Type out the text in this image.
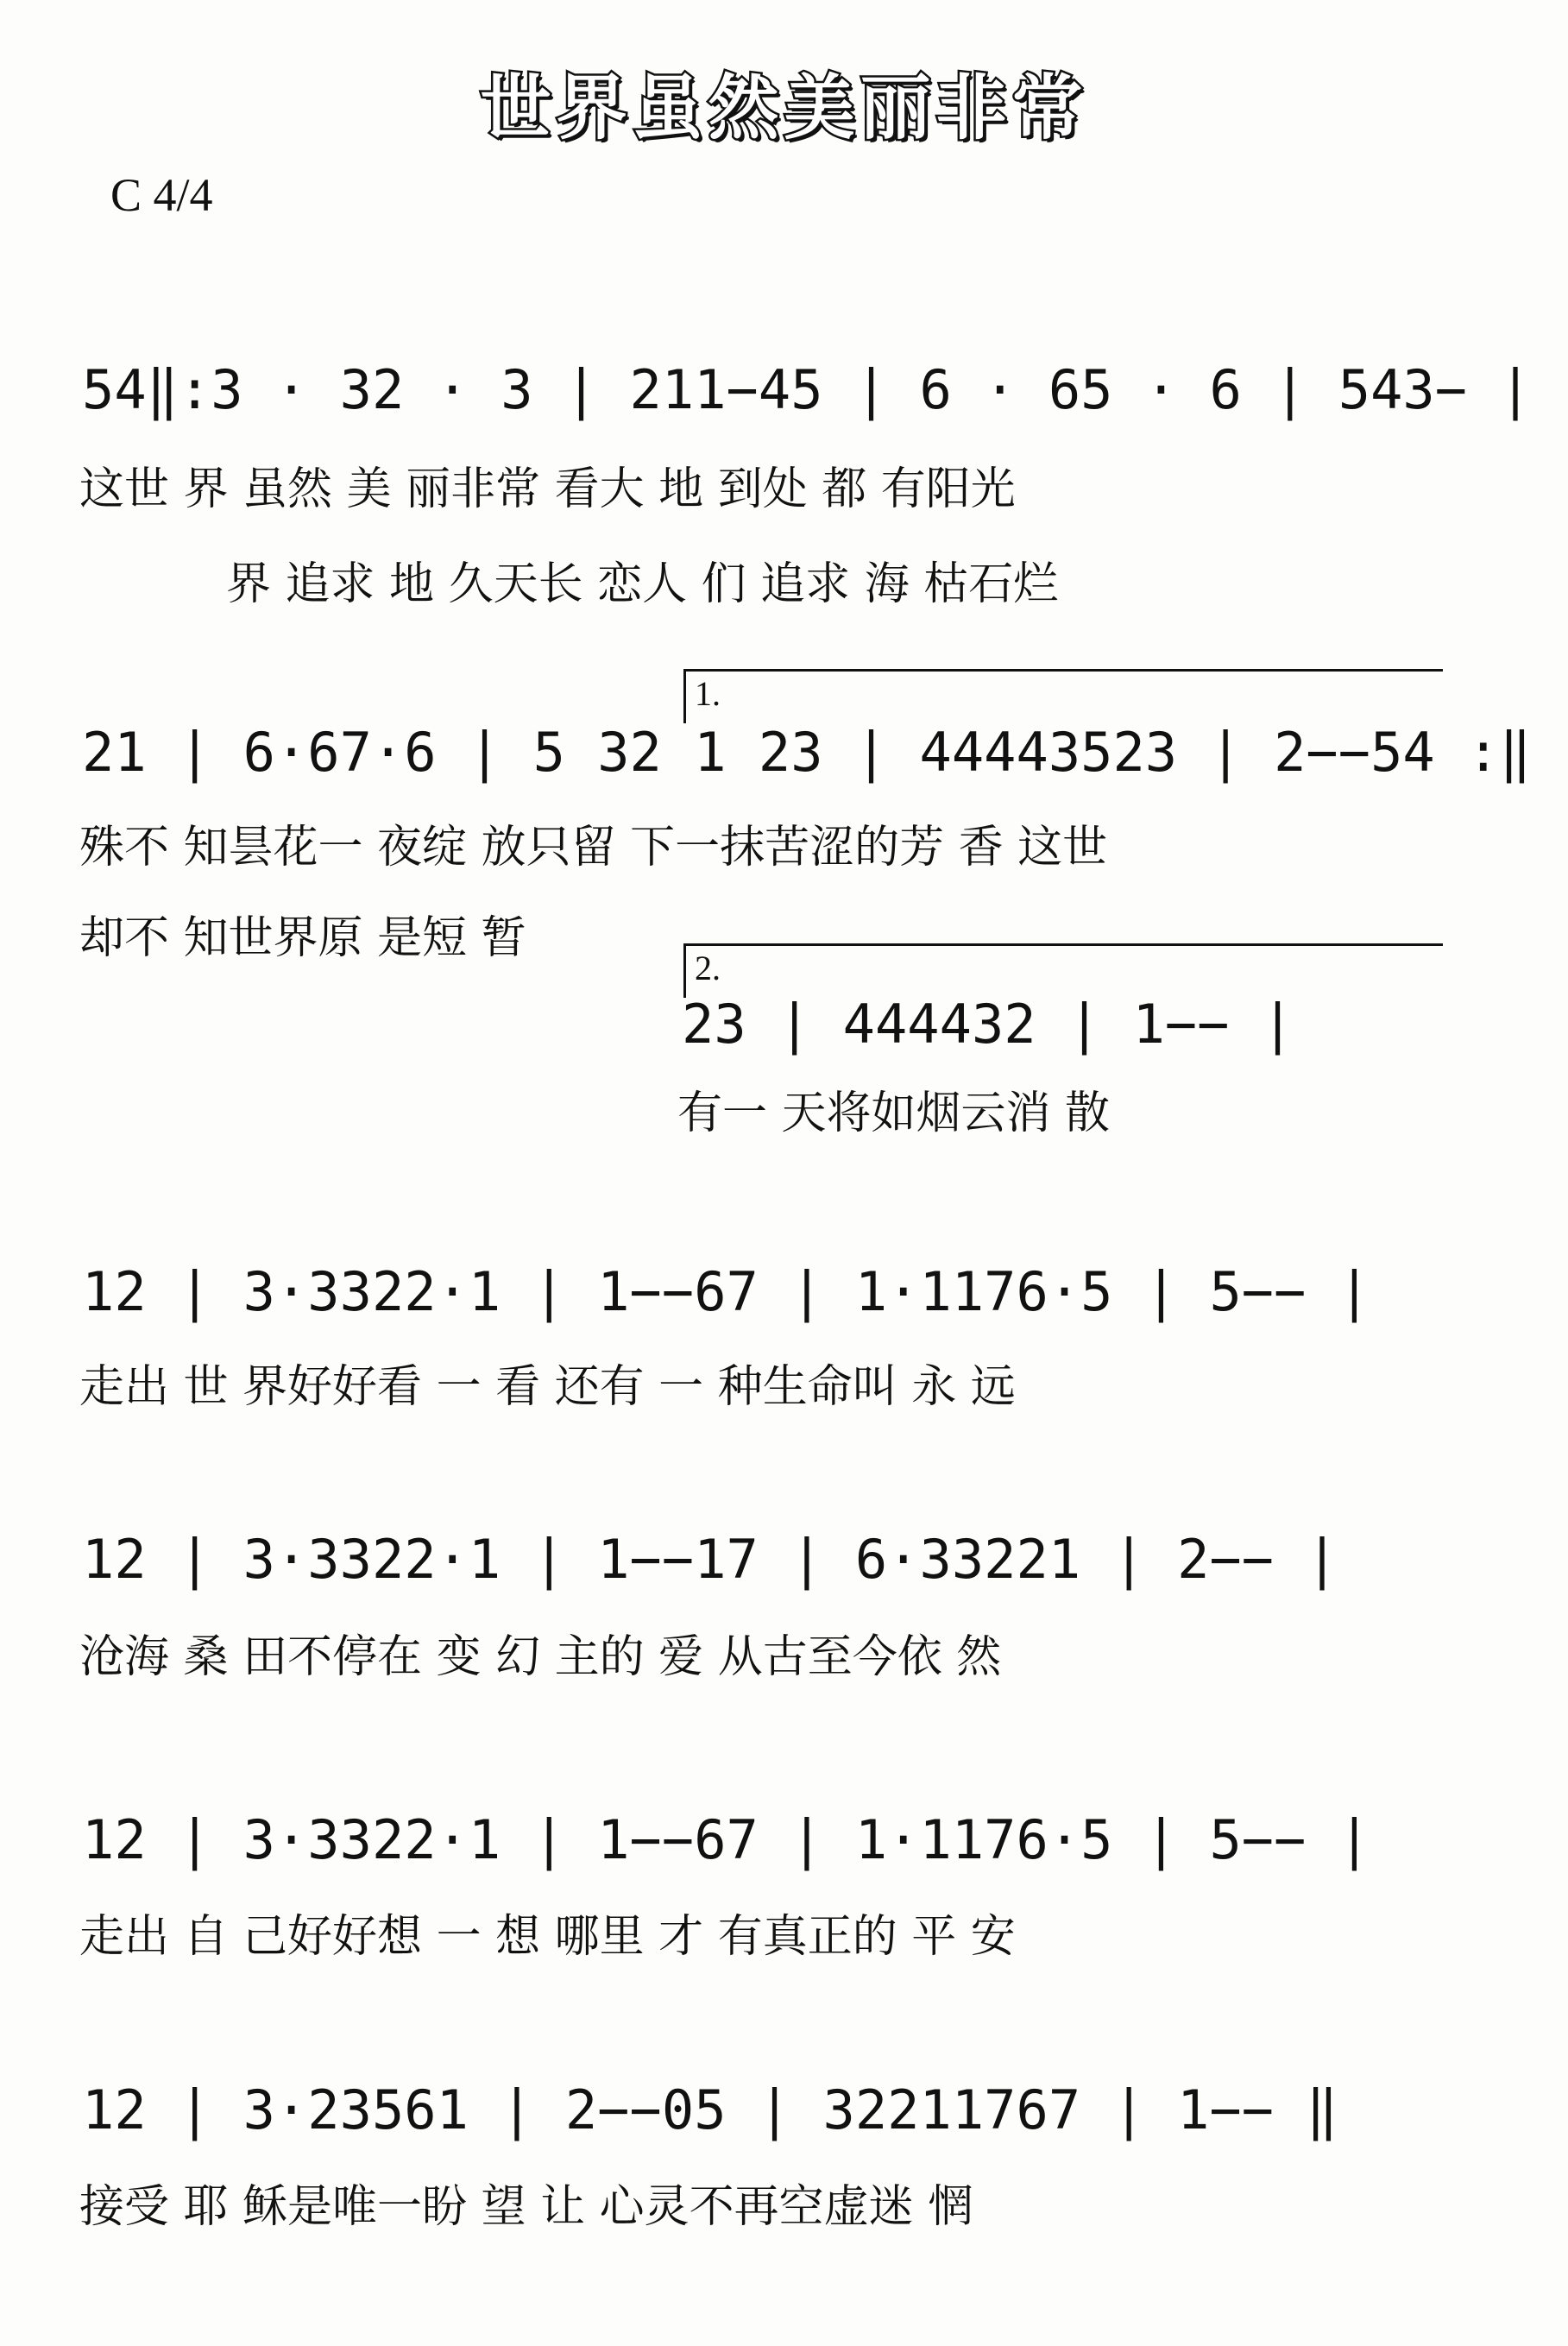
世界虽然美丽非常
C 4/4
54‖:3 · 32 · 3 | 211−45 | 6 · 65 · 6 | 543− |
这世 界 虽然 美 丽非常 看大 地 到处 都 有阳光
界 追求 地 久天长 恋人 们 追求 海 枯石烂
1.
21 | 6·67·6 | 5 32 1 23 | 44443523 | 2−−54 :‖
殊不 知昙花一 夜绽 放只留 下一抹苦涩的芳 香 这世
却不 知世界原 是短 暂
2.
23 | 444432 | 1−− |
有一 天将如烟云消 散
12 | 3·3322·1 | 1−−67 | 1·1176·5 | 5−− |
走出 世 界好好看 一 看 还有 一 种生命叫 永 远
12 | 3·3322·1 | 1−−17 | 6·33221 | 2−− |
沧海 桑 田不停在 变 幻 主的 爱 从古至今依 然
12 | 3·3322·1 | 1−−67 | 1·1176·5 | 5−− |
走出 自 己好好想 一 想 哪里 才 有真正的 平 安
12 | 3·23561 | 2−−05 | 32211767 | 1−− ‖
接受 耶 稣是唯一盼 望 让 心灵不再空虚迷 惘
